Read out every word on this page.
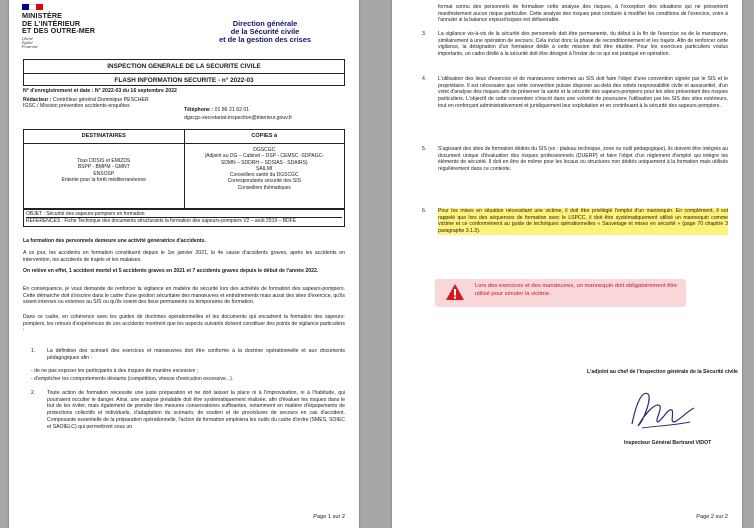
MINISTÈRE
DE L'INTÉRIEUR
ET DES OUTRE-MER
Liberté
Égalité
Fraternité
Direction générale
de la Sécurité civile
et de la gestion des crises
INSPECTION GENERALE DE LA SECURITE CIVILE
FLASH INFORMATION SECURITE - n° 2022-03
N° d'enregistrement et date : N° 2022-03 du 16 septembre 2022
Rédacteur : Contrôleur général Dominique PESCHER
IGSC / Mission prévention accidents-enquêtes
Téléphone : 01 86 21 62 01
dgscgc-secretariat-inspection@interieur.gouv.fr
DESTINATAIRES
Tous DDSIS et EMIZDS
BSPP - BMPM - GMNT
ENSOSP
Entente pour la forêt méditerranéenne
COPIES à
DGSCGC
(Adjoint au DG – Cabinet – DSP - CEMSC -SDPAGC-
SDMN – SDDRH – SDSIAS - SDAIRS)
SAILMI
Conseillers santé du DGSCGC
Correspondants sécurité des SIS
Conseillers thématiques
OBJET : Sécurité des sapeurs-pompiers en formation
REFERENCES : Fiche Technique des documents structurants la formation des sapeurs-pompiers V2 – août 2019 – BDFE
La formation des personnels demeure une activité génératrice d'accidents.
A ce jour, les accidents en formation constituent depuis le 1er janvier 2021, la 4e cause d'accidents graves, après les accidents en intervention, les accidents de trajets et les malaises.
On relève en effet, 1 accident mortel et 5 accidents graves en 2021 et 7 accidents graves depuis le début de l'année 2022.
En conséquence, je vous demande de renforcer la vigilance en matière de sécurité lors des activités de formation des sapeurs-pompiers. Cette démarche doit s'inscrire dans le cadre d'une gestion sécuritaire des manœuvres et entraînements mais aussi des sites d'exercice, qu'ils soient internes ou externes au SIS ou qu'ils soient des lieux permanents ou temporaires de formation.
Dans ce cadre, en cohérence avec les guides de doctrines opérationnelles et les documents qui encadrent la formation des sapeurs-pompiers, les retours d'expériences de ces accidents montrent que les aspects suivants doivent constituer des points de vigilance particuliers :
1.	La définition des scénarii des exercices et manœuvres doit être conforme à la doctrine opérationnelle et aux documents pédagogiques afin :
- de ne pas exposer les participants à des risques de manière excessive ;
- d'empêcher les comportements déviants (compétition, vitesse d'exécution excessive...).
2.	Toute action de formation nécessite une juste préparation et ne doit laisser la place ni à l'improvisation, ni à l'habitude, qui pourraient occulter le danger. Ainsi, une analyse préalable doit être systématiquement réalisée, afin d'évaluer les risques dans le but de les éviter, mais également de prendre des mesures conservatoires suffisantes, notamment en matière d'équipements de protections collectifs et individuels, d'adaptation du scénario, de soutien et de procédures de secours en cas d'accident. Composante essentielle de la préparation opérationnelle, l'action de formation emploiera les outils du cadre d'ordre (SMES, SOIEC et SAOIELC) qui permettront sous un
Page 1 sur 2
format connu des personnels de formaliser cette analyse des risques, à l'exception des situations qui ne présentent manifestement aucun risque particulier. Cette analyse des risques peut conduire à modifier les conditions de l'exercice, voire à l'annuler si la balance enjeux/risques est défavorable.
3.	La vigilance vis-à-vis de la sécurité des personnels doit être permanente, du début à la fin de l'exercice ou de la manœuvre, similairement à une opération de secours. Cela inclut donc la phase de reconditionnement et les trajets. Afin de renforcer cette vigilance, la désignation d'un formateur dédié à cette mission doit être étudiée. Pour les exercices particuliers voulus importants, un cadre dédié à la sécurité doit être désigné à l'instar de ce qui est pratiqué en opération.
4.	L'utilisation des lieux d'exercice et de manœuvres externes au SIS doit faire l'objet d'une convention signée par le SIS et le propriétaire. Il est nécessaire que cette convention puisse disposer au-delà des volets responsabilité civile et assurantiel, d'un volet d'analyse des risques afin de préserver la santé et la sécurité des sapeurs-pompiers pour les sites présentant des risques particuliers. L'objectif de cette convention s'inscrit dans une volonté de poursuivre l'utilisation par les SIS des sites extérieurs, tout en renforçant administrativement et juridiquement leur exploitation et en contribuant à la sécurité des sapeurs-pompiers.
5.	S'agissant des sites de formation dédiés du SIS (ex : plateau technique, zone ou outil pédagogique), ils doivent être intégrés au document unique d'évaluation des risques professionnels (DUERP) et faire l'objet d'un règlement d'emploi qui intègre les éléments de sécurité. Il doit en être de même pour les locaux ou structures non dédiés uniquement à la formation mais utilisés régulièrement dans ce contexte.
6.	Pour les mises en situation nécessitant une victime, il doit être privilégié l'emploi d'un mannequin. En complément, il est rappelé que lors des séquences de formation avec le LSPCC, il doit être systématiquement utilisé un mannequin comme victime et ce conformément au guide de techniques opérationnelles « Sauvetage et mises en sécurité » (page 70 chapitre 3 paragraphe 3.1.3).
Lors des exercices et des manœuvres, un mannequin doit obligatoirement être utilisé pour simuler la victime.
L'adjoint au chef de l'inspection générale de la Sécurité civile
Inspecteur Général Bertrand VIDOT
Page 2 sur 2
